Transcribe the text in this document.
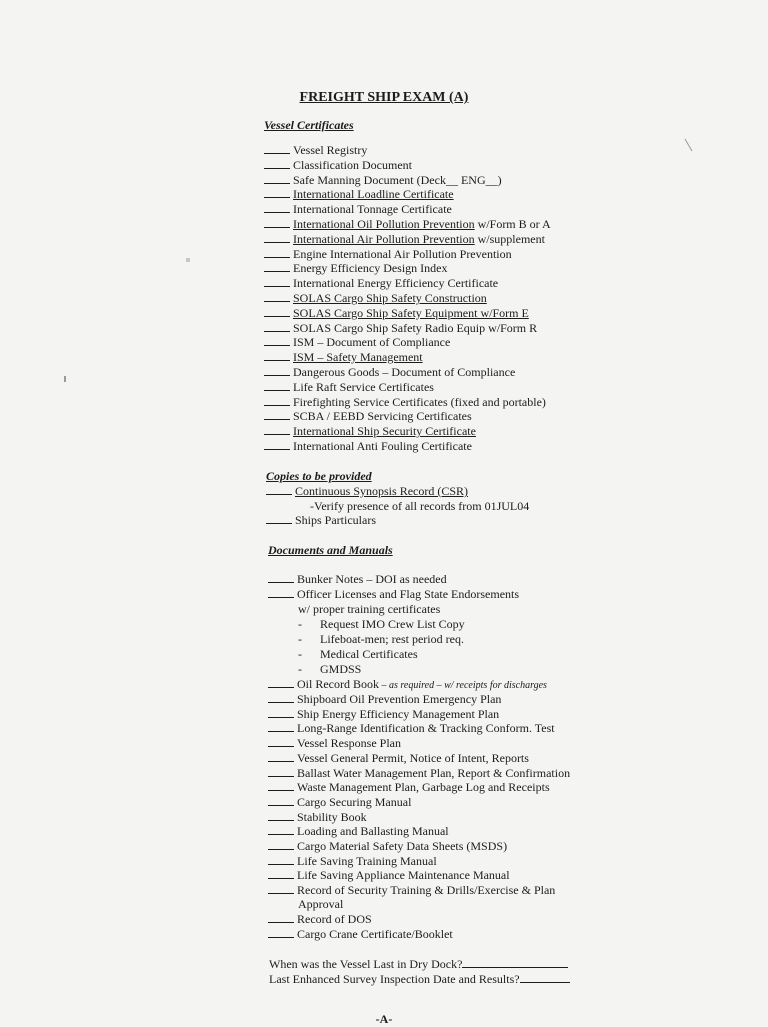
FREIGHT SHIP EXAM (A)
Vessel Certificates
Vessel Registry
Classification Document
Safe Manning Document (Deck__ ENG__)
International Loadline Certificate
International Tonnage Certificate
International Oil Pollution Prevention w/Form B or A
International Air Pollution Prevention w/supplement
Engine International Air Pollution Prevention
Energy Efficiency Design Index
International Energy Efficiency Certificate
SOLAS Cargo Ship Safety Construction
SOLAS Cargo Ship Safety Equipment w/Form E
SOLAS Cargo Ship Safety Radio Equip w/Form R
ISM – Document of Compliance
ISM – Safety Management
Dangerous Goods – Document of Compliance
Life Raft Service Certificates
Firefighting Service Certificates (fixed and portable)
SCBA / EEBD Servicing Certificates
International Ship Security Certificate
International Anti Fouling Certificate
Copies to be provided
Continuous Synopsis Record (CSR)
-Verify presence of all records from 01JUL04
Ships Particulars
Documents and Manuals
Bunker Notes – DOI as needed
Officer Licenses and Flag State Endorsements
w/ proper training certificates
- Request IMO Crew List Copy
- Lifeboat-men; rest period req.
- Medical Certificates
- GMDSS
Oil Record Book – as required – w/ receipts for discharges
Shipboard Oil Prevention Emergency Plan
Ship Energy Efficiency Management Plan
Long-Range Identification & Tracking Conform. Test
Vessel Response Plan
Vessel General Permit, Notice of Intent, Reports
Ballast Water Management Plan, Report & Confirmation
Waste Management Plan, Garbage Log and Receipts
Cargo Securing Manual
Stability Book
Loading and Ballasting Manual
Cargo Material Safety Data Sheets (MSDS)
Life Saving Training Manual
Life Saving Appliance Maintenance Manual
Record of Security Training & Drills/Exercise & Plan
Approval
Record of DOS
Cargo Crane Certificate/Booklet
When was the Vessel Last in Dry Dock?
Last Enhanced Survey Inspection Date and Results?
-A-
